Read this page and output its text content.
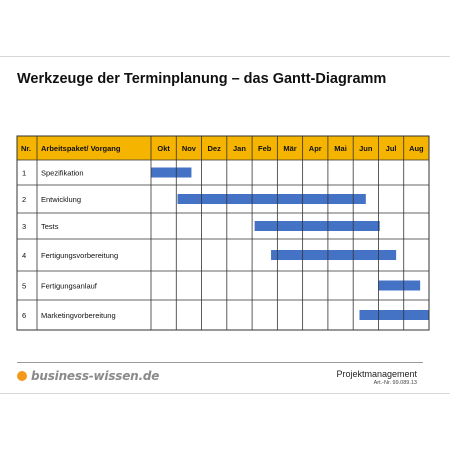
Werkzeuge der Terminplanung – das Gantt-Diagramm
Nr. Arbeitspaket/ Vorgang	Okt Nov Dez Jan Feb Mär Apr Mai Jun Jul Aug
1 Spezifikation
2 Entwicklung
3 Tests
4 Fertigungsvorbereitung
5 Fertigungsanlauf
6 Marketingvorbereitung
business-wissen.de	Projektmanagement
Art.-Nr. 99.089.13
